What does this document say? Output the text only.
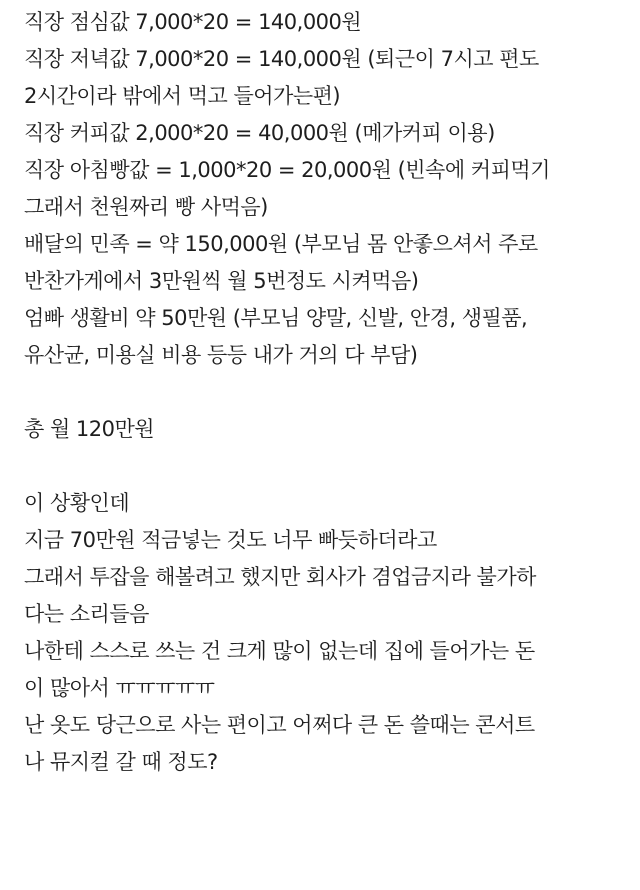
직장 점심값 7,000*20 = 140,000원
직장 저녁값 7,000*20 = 140,000원 (퇴근이 7시고 편도
2시간이라 밖에서 먹고 들어가는편)
직장 커피값 2,000*20 = 40,000원 (메가커피 이용)
직장 아침빵값 = 1,000*20 = 20,000원 (빈속에 커피먹기
그래서 천원짜리 빵 사먹음)
배달의 민족 = 약 150,000원 (부모님 몸 안좋으셔서 주로
반찬가게에서 3만원씩 월 5번정도 시켜먹음)
엄빠 생활비 약 50만원 (부모님 양말, 신발, 안경, 생필품,
유산균, 미용실 비용 등등 내가 거의 다 부담)
총 월 120만원
이 상황인데
지금 70만원 적금넣는 것도 너무 빠듯하더라고
그래서 투잡을 해볼려고 했지만 회사가 겸업금지라 불가하
다는 소리들음
나한테 스스로 쓰는 건 크게 많이 없는데 집에 들어가는 돈
이 많아서 ㅠㅠㅠㅠㅠ
난 옷도 당근으로 사는 편이고 어쩌다 큰 돈 쓸때는 콘서트
나 뮤지컬 갈 때 정도?
